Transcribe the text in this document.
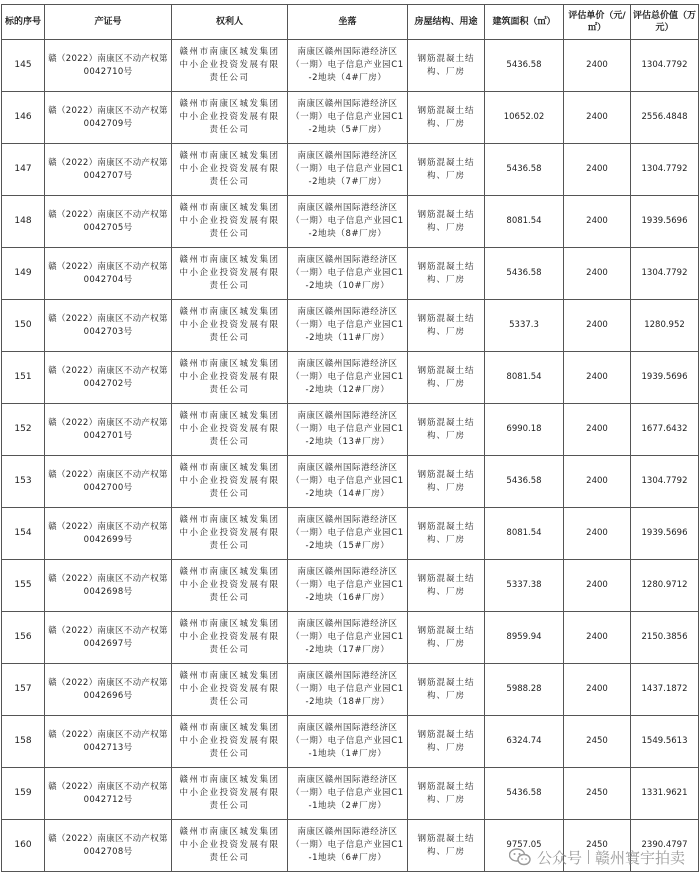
标的序号	产证号	权利人	坐落	房屋结构、用途	建筑面积（㎡）	评估单价（元/㎡）	评估总价值（万元）
145	赣（2022）南康区不动产权第0042710号	赣州市南康区城发集团中小企业投资发展有限责任公司	南康区赣州国际港经济区（一期）电子信息产业园C1-2地块（4#厂房）	钢筋混凝土结构、厂房	5436.58	2400	1304.7792
146	赣（2022）南康区不动产权第0042709号	赣州市南康区城发集团中小企业投资发展有限责任公司	南康区赣州国际港经济区（一期）电子信息产业园C1-2地块（5#厂房）	钢筋混凝土结构、厂房	10652.02	2400	2556.4848
147	赣（2022）南康区不动产权第0042707号	赣州市南康区城发集团中小企业投资发展有限责任公司	南康区赣州国际港经济区（一期）电子信息产业园C1-2地块（7#厂房）	钢筋混凝土结构、厂房	5436.58	2400	1304.7792
148	赣（2022）南康区不动产权第0042705号	赣州市南康区城发集团中小企业投资发展有限责任公司	南康区赣州国际港经济区（一期）电子信息产业园C1-2地块（8#厂房）	钢筋混凝土结构、厂房	8081.54	2400	1939.5696
149	赣（2022）南康区不动产权第0042704号	赣州市南康区城发集团中小企业投资发展有限责任公司	南康区赣州国际港经济区（一期）电子信息产业园C1-2地块（10#厂房）	钢筋混凝土结构、厂房	5436.58	2400	1304.7792
150	赣（2022）南康区不动产权第0042703号	赣州市南康区城发集团中小企业投资发展有限责任公司	南康区赣州国际港经济区（一期）电子信息产业园C1-2地块（11#厂房）	钢筋混凝土结构、厂房	5337.3	2400	1280.952
151	赣（2022）南康区不动产权第0042702号	赣州市南康区城发集团中小企业投资发展有限责任公司	南康区赣州国际港经济区（一期）电子信息产业园C1-2地块（12#厂房）	钢筋混凝土结构、厂房	8081.54	2400	1939.5696
152	赣（2022）南康区不动产权第0042701号	赣州市南康区城发集团中小企业投资发展有限责任公司	南康区赣州国际港经济区（一期）电子信息产业园C1-2地块（13#厂房）	钢筋混凝土结构、厂房	6990.18	2400	1677.6432
153	赣（2022）南康区不动产权第0042700号	赣州市南康区城发集团中小企业投资发展有限责任公司	南康区赣州国际港经济区（一期）电子信息产业园C1-2地块（14#厂房）	钢筋混凝土结构、厂房	5436.58	2400	1304.7792
154	赣（2022）南康区不动产权第0042699号	赣州市南康区城发集团中小企业投资发展有限责任公司	南康区赣州国际港经济区（一期）电子信息产业园C1-2地块（15#厂房）	钢筋混凝土结构、厂房	8081.54	2400	1939.5696
155	赣（2022）南康区不动产权第0042698号	赣州市南康区城发集团中小企业投资发展有限责任公司	南康区赣州国际港经济区（一期）电子信息产业园C1-2地块（16#厂房）	钢筋混凝土结构、厂房	5337.38	2400	1280.9712
156	赣（2022）南康区不动产权第0042697号	赣州市南康区城发集团中小企业投资发展有限责任公司	南康区赣州国际港经济区（一期）电子信息产业园C1-2地块（17#厂房）	钢筋混凝土结构、厂房	8959.94	2400	2150.3856
157	赣（2022）南康区不动产权第0042696号	赣州市南康区城发集团中小企业投资发展有限责任公司	南康区赣州国际港经济区（一期）电子信息产业园C1-2地块（18#厂房）	钢筋混凝土结构、厂房	5988.28	2400	1437.1872
158	赣（2022）南康区不动产权第0042713号	赣州市南康区城发集团中小企业投资发展有限责任公司	南康区赣州国际港经济区（一期）电子信息产业园C1-1地块（1#厂房）	钢筋混凝土结构、厂房	6324.74	2450	1549.5613
159	赣（2022）南康区不动产权第0042712号	赣州市南康区城发集团中小企业投资发展有限责任公司	南康区赣州国际港经济区（一期）电子信息产业园C1-1地块（2#厂房）	钢筋混凝土结构、厂房	5436.58	2450	1331.9621
160	赣（2022）南康区不动产权第0042708号	赣州市南康区城发集团中小企业投资发展有限责任公司	南康区赣州国际港经济区（一期）电子信息产业园C1-1地块（6#厂房）	钢筋混凝土结构、厂房	9757.05	2450	2390.4797
公众号 赣州寰宇拍卖
